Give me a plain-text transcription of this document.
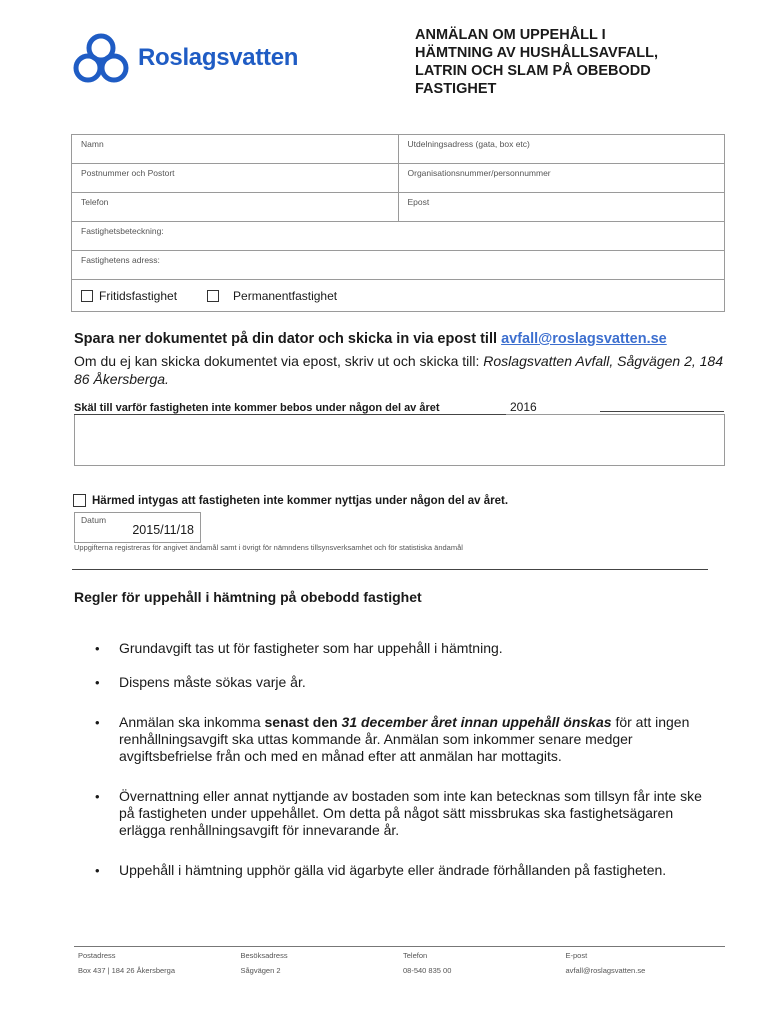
Roslagsvatten
ANMÄLAN OM UPPEHÅLL I
HÄMTNING AV HUSHÅLLSAVFALL,
LATRIN OCH SLAM PÅ OBEBODD
FASTIGHET
Namn	Utdelningsadress (gata, box etc)
Postnummer och Postort	Organisationsnummer/personnummer
Telefon	Epost
Fastighetsbeteckning:
Fastighetens adress:
Fritidsfastighet	Permanentfastighet
Spara ner dokumentet på din dator och skicka in via epost till avfall@roslagsvatten.se
Om du ej kan skicka dokumentet via epost, skriv ut och skicka till: Roslagsvatten Avfall, Sågvägen 2, 184 86 Åkersberga.
Skäl till varför fastigheten inte kommer bebos under någon del av året	2016
Härmed intygas att fastigheten inte kommer nyttjas under någon del av året.
Datum
2015/11/18
Uppgifterna registreras för angivet ändamål samt i övrigt för nämndens tillsynsverksamhet och för statistiska ändamål
Regler för uppehåll i hämtning på obebodd fastighet
• Grundavgift tas ut för fastigheter som har uppehåll i hämtning.
• Dispens måste sökas varje år.
• Anmälan ska inkomma senast den 31 december året innan uppehåll önskas för att ingen renhållningsavgift ska uttas kommande år. Anmälan som inkommer senare medger avgiftsbefrielse från och med en månad efter att anmälan har mottagits.
• Övernattning eller annat nyttjande av bostaden som inte kan betecknas som tillsyn får inte ske på fastigheten under uppehållet. Om detta på något sätt missbrukas ska fastighetsägaren erlägga renhållningsavgift för innevarande år.
• Uppehåll i hämtning upphör gälla vid ägarbyte eller ändrade förhållanden på fastigheten.
Postadress
Box 437 | 184 26 Åkersberga
Besöksadress
Sågvägen 2
Telefon
08-540 835 00
E-post
avfall@roslagsvatten.se
